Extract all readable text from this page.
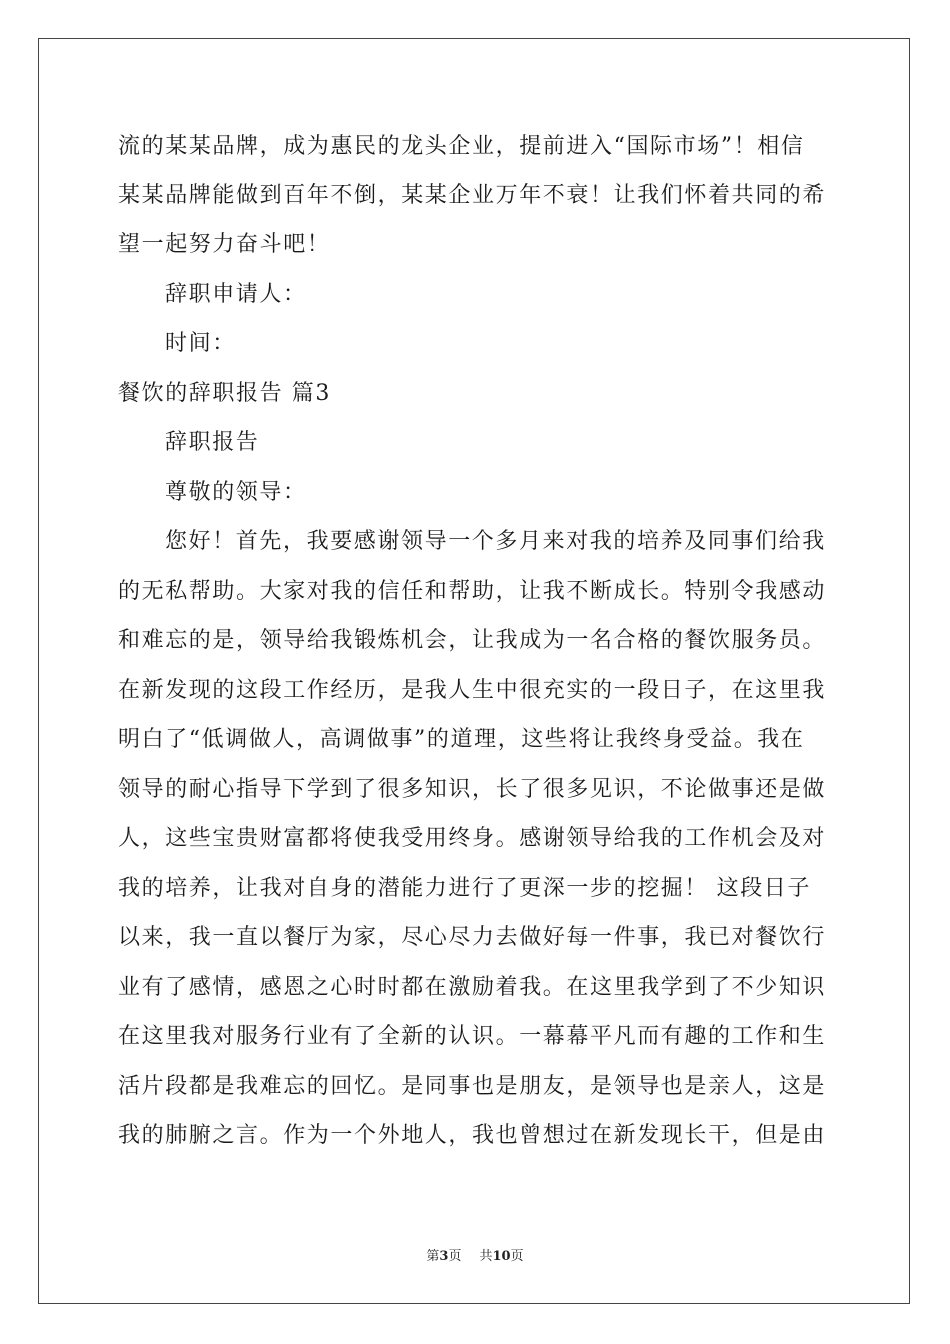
流的某某品牌，成为惠民的龙头企业，提前进入“国际市场”！相信
某某品牌能做到百年不倒，某某企业万年不衰！让我们怀着共同的希
望一起努力奋斗吧！
辞职申请人：
时间：
餐饮的辞职报告 篇3
辞职报告
尊敬的领导：
您好！首先，我要感谢领导一个多月来对我的培养及同事们给我
的无私帮助。大家对我的信任和帮助，让我不断成长。特别令我感动
和难忘的是，领导给我锻炼机会，让我成为一名合格的餐饮服务员。
在新发现的这段工作经历，是我人生中很充实的一段日子，在这里我
明白了“低调做人，高调做事”的道理，这些将让我终身受益。我在
领导的耐心指导下学到了很多知识，长了很多见识，不论做事还是做
人，这些宝贵财富都将使我受用终身。感谢领导给我的工作机会及对
我的培养，让我对自身的潜能力进行了更深一步的挖掘！ 这段日子
以来，我一直以餐厅为家，尽心尽力去做好每一件事，我已对餐饮行
业有了感情，感恩之心时时都在激励着我。在这里我学到了不少知识
在这里我对服务行业有了全新的认识。一幕幕平凡而有趣的工作和生
活片段都是我难忘的回忆。是同事也是朋友，是领导也是亲人，这是
我的肺腑之言。作为一个外地人，我也曾想过在新发现长干，但是由
第3页 共10页
